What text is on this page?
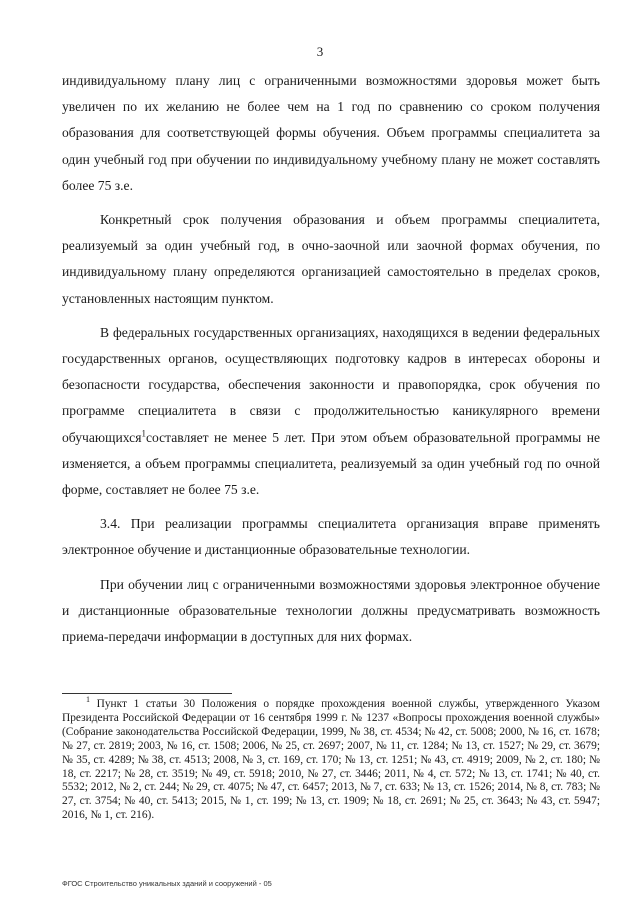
3

индивидуальному плану лиц с ограниченными возможностями здоровья может быть увеличен по их желанию не более чем на 1 год по сравнению со сроком получения образования для соответствующей формы обучения. Объем программы специалитета за один учебный год при обучении по индивидуальному учебному плану не может составлять более 75 з.е.

Конкретный срок получения образования и объем программы специалитета, реализуемый за один учебный год, в очно-заочной или заочной формах обучения, по индивидуальному плану определяются организацией самостоятельно в пределах сроков, установленных настоящим пунктом.

В федеральных государственных организациях, находящихся в ведении федеральных государственных органов, осуществляющих подготовку кадров в интересах обороны и безопасности государства, обеспечения законности и правопорядка, срок обучения по программе специалитета в связи с продолжительностью каникулярного времени обучающихся$^1$составляет не менее 5 лет. При этом объем образовательной программы не изменяется, а объем программы специалитета, реализуемый за один учебный год по очной форме, составляет не более 75 з.е.

3.4. При реализации программы специалитета организация вправе применять электронное обучение и дистанционные образовательные технологии.

При обучении лиц с ограниченными возможностями здоровья электронное обучение и дистанционные образовательные технологии должны предусматривать возможность приема-передачи информации в доступных для них формах.

$^1$ Пункт 1 статьи 30 Положения о порядке прохождения военной службы, утвержденного Указом Президента Российской Федерации от 16 сентября 1999 г. № 1237 «Вопросы прохождения военной службы» (Собрание законодательства Российской Федерации, 1999, № 38, ст. 4534; № 42, ст. 5008; 2000, № 16, ст. 1678; № 27, ст. 2819; 2003, № 16, ст. 1508; 2006, № 25, ст. 2697; 2007, № 11, ст. 1284; № 13, ст. 1527; № 29, ст. 3679; № 35, ст. 4289; № 38, ст. 4513; 2008, № 3, ст. 169, ст. 170; № 13, ст. 1251; № 43, ст. 4919; 2009, № 2, ст. 180; № 18, ст. 2217; № 28, ст. 3519; № 49, ст. 5918; 2010, № 27, ст. 3446; 2011, № 4, ст. 572; № 13, ст. 1741; № 40, ст. 5532; 2012, № 2, ст. 244; № 29, ст. 4075; № 47, ст. 6457; 2013, № 7, ст. 633; № 13, ст. 1526; 2014, № 8, ст. 783; № 27, ст. 3754; № 40, ст. 5413; 2015, № 1, ст. 199; № 13, ст. 1909; № 18, ст. 2691; № 25, ст. 3643; № 43, ст. 5947; 2016, № 1, ст. 216).

ФГОС Строительство уникальных зданий и сооружений - 05
